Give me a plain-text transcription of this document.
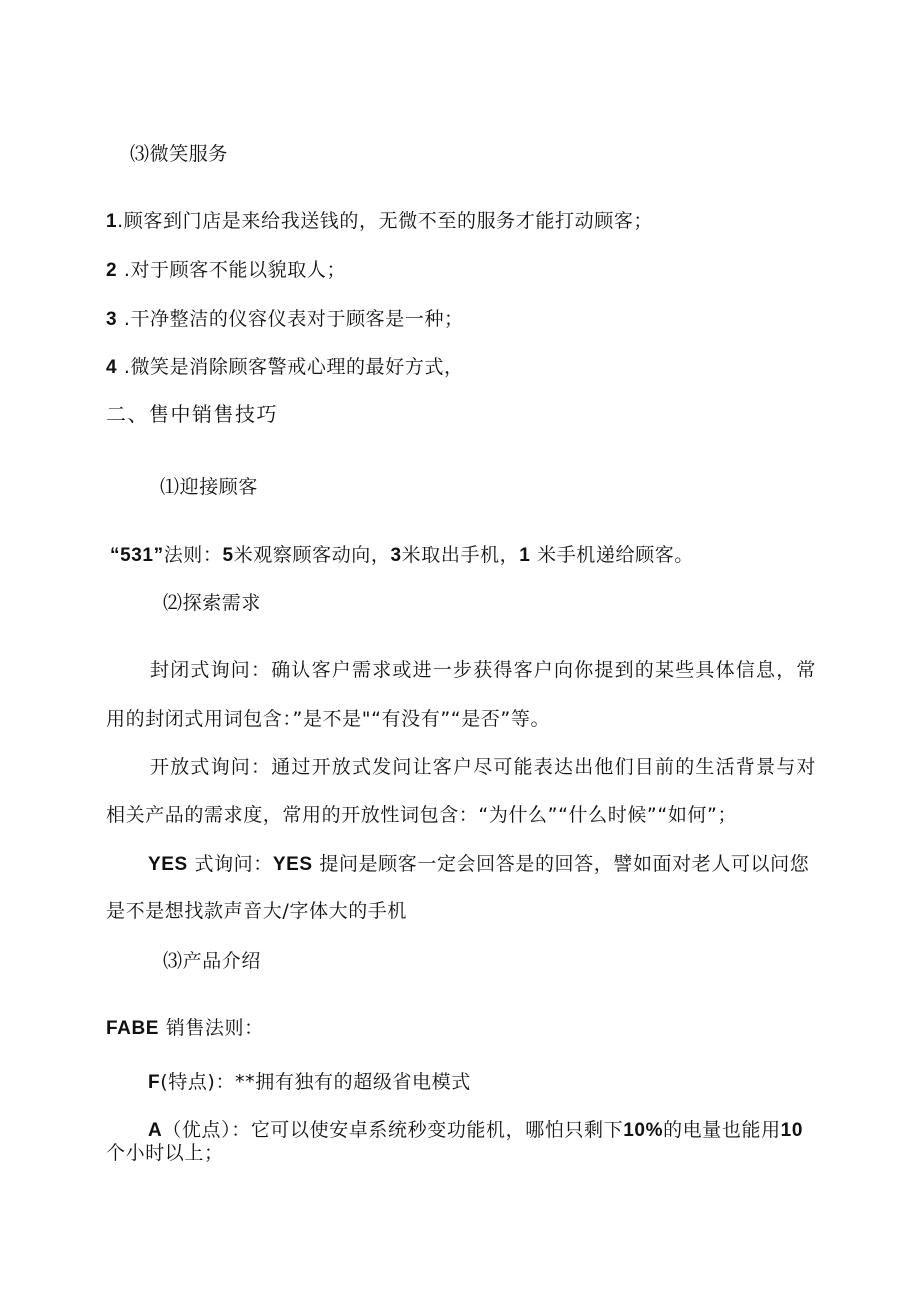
⑶微笑服务
1.顾客到门店是来给我送钱的，无微不至的服务才能打动顾客；
2 .对于顾客不能以貌取人；
3 .干净整洁的仪容仪表对于顾客是一种；
4 .微笑是消除顾客警戒心理的最好方式，
二、售中销售技巧
⑴迎接顾客
“531”法则：5米观察顾客动向，3米取出手机，1 米手机递给顾客。
⑵探索需求
封闭式询问：确认客户需求或进一步获得客户向你提到的某些具体信息，常
用的封闭式用词包含：”是不是"“有没有”“是否”等。
开放式询问：通过开放式发问让客户尽可能表达出他们目前的生活背景与对
相关产品的需求度，常用的开放性词包含：“为什么”“什么时候”“如何”；
YES 式询问：YES 提问是顾客一定会回答是的回答，譬如面对老人可以问您
是不是想找款声音大/字体大的手机
⑶产品介绍
FABE 销售法则：
F(特点)：**拥有独有的超级省电模式
A（优点）：它可以使安卓系统秒变功能机，哪怕只剩下10%的电量也能用10
个小时以上；
